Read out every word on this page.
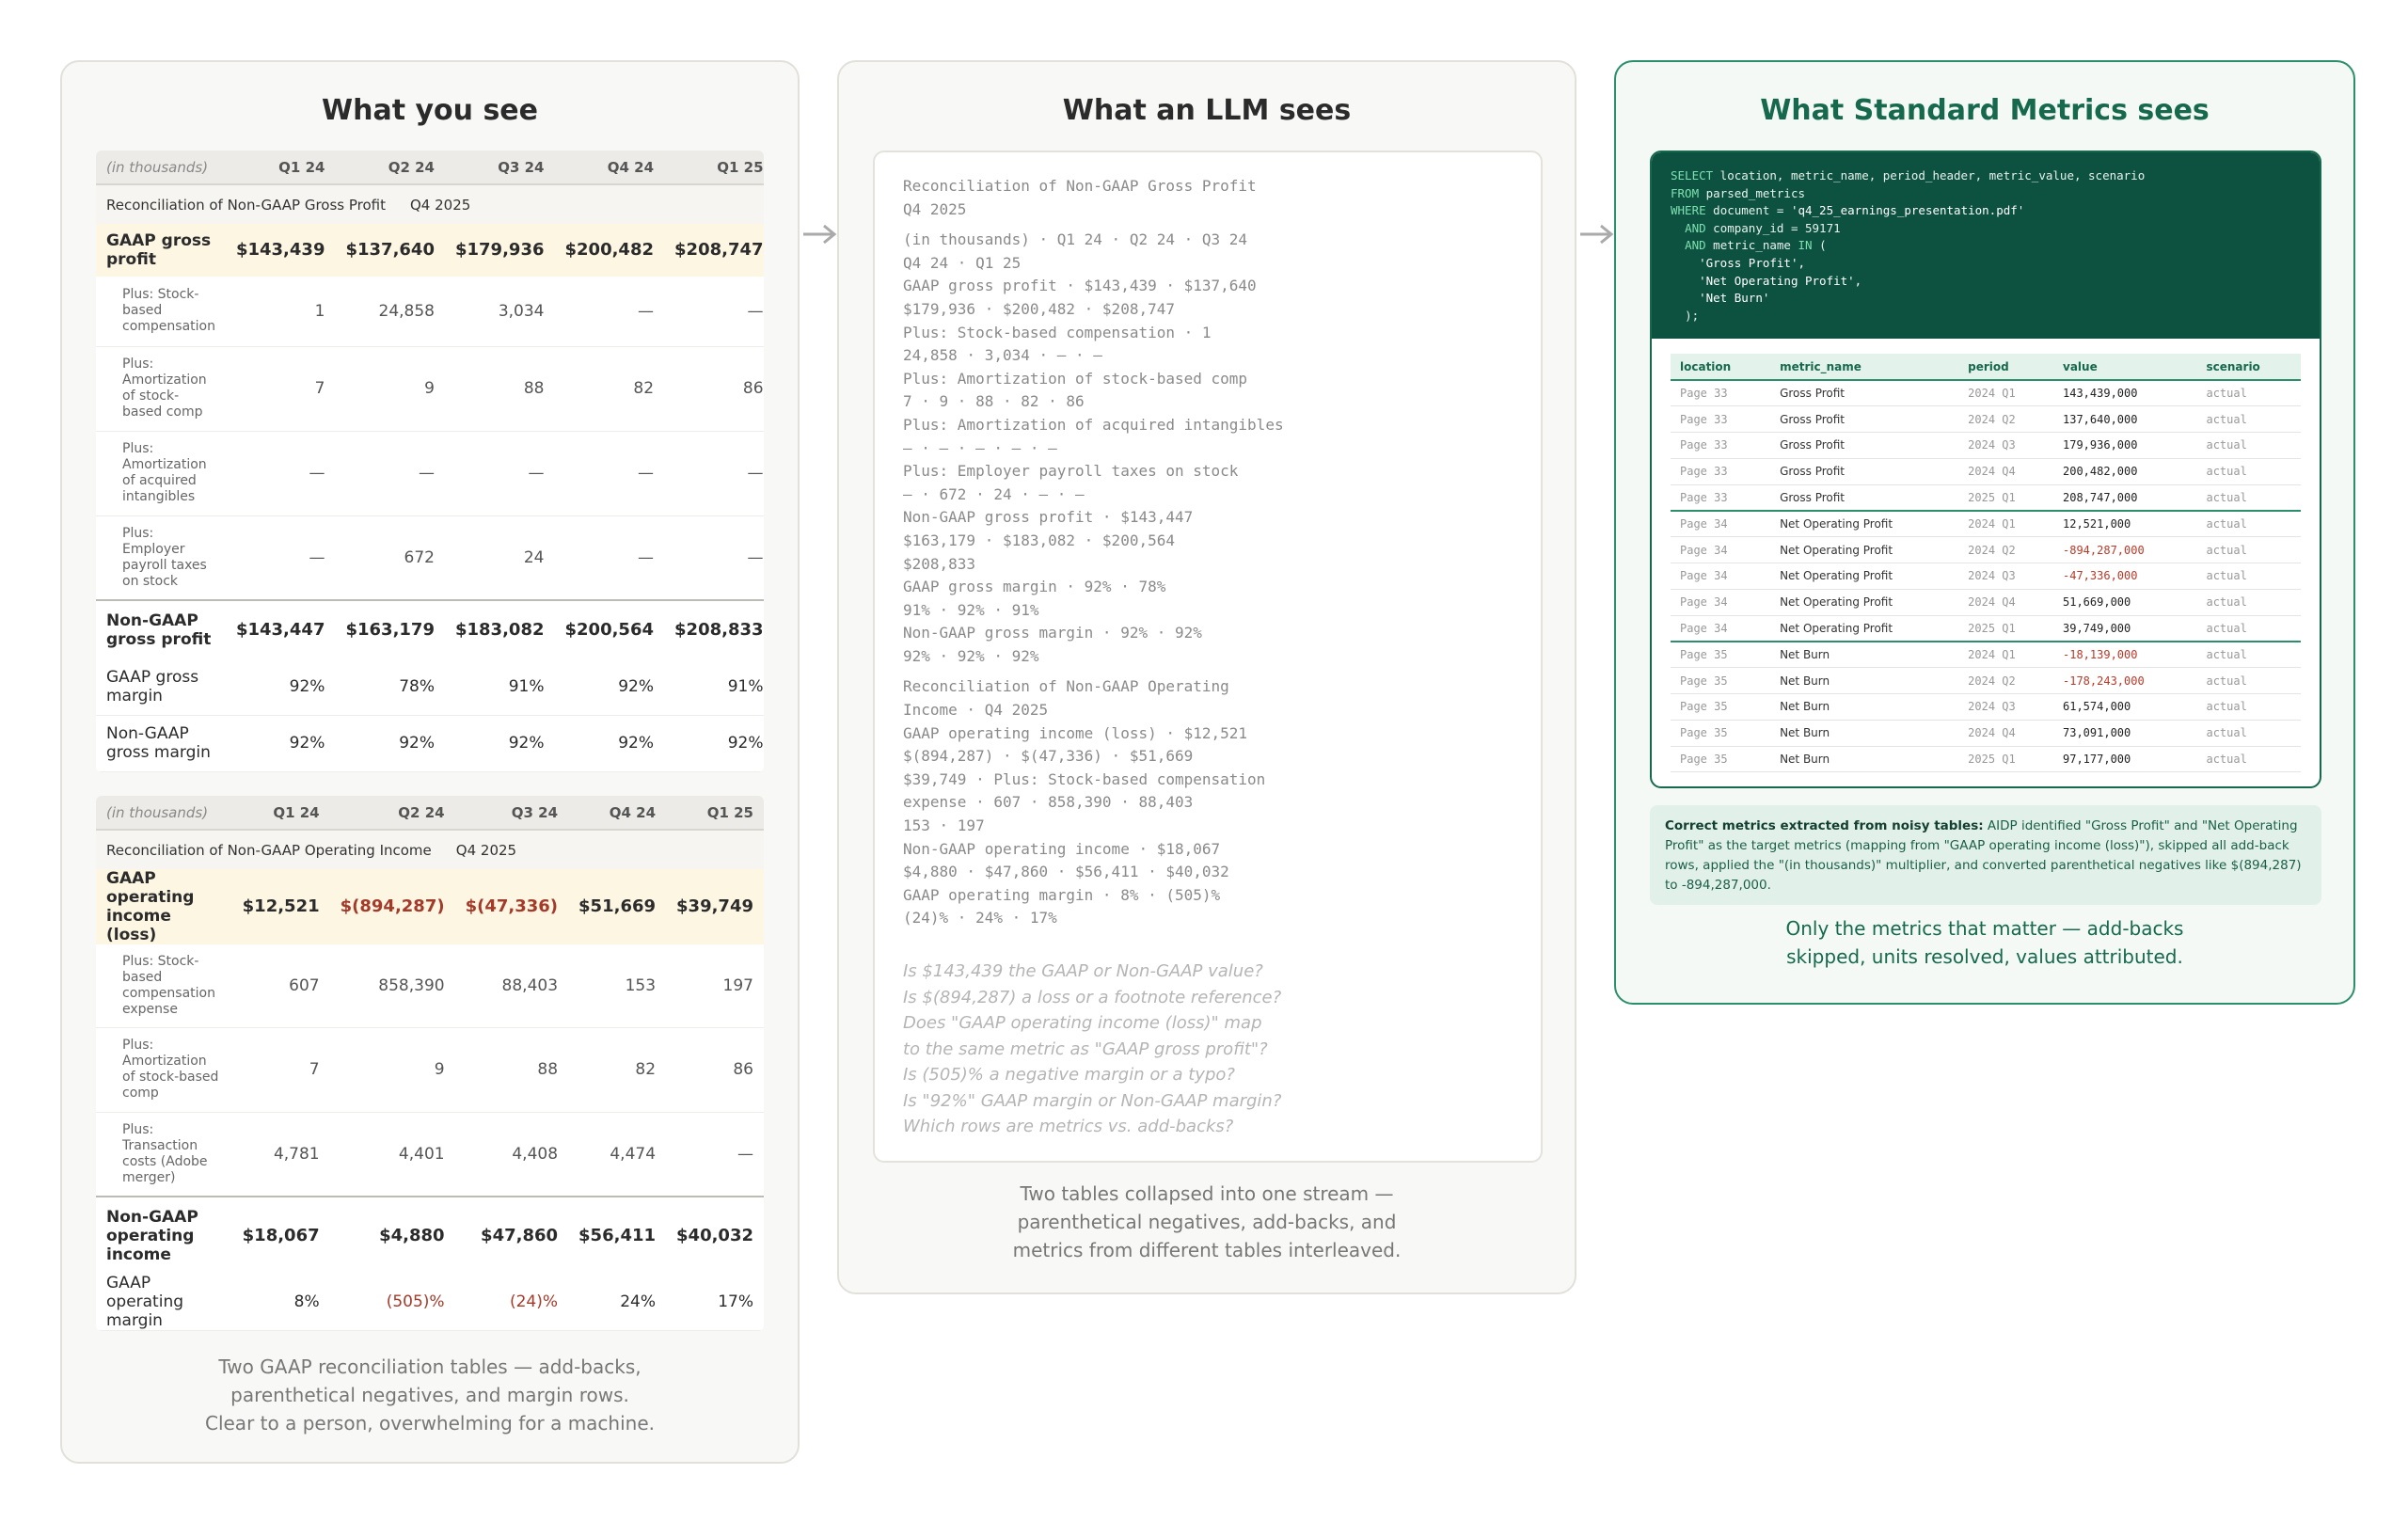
What you see
(in thousands)	Q1 24	Q2 24	Q3 24	Q4 24	Q1 25
Reconciliation of Non-GAAP Gross Profit Q4 2025					
GAAP gross profit	$143,439	$137,640	$179,936	$200,482	$208,747
Plus: Stock-based compensation	1	24,858	3,034	—	—
Plus: Amortization of stock-based comp	7	9	88	82	86
Plus: Amortization of acquired intangibles	—	—	—	—	—
Plus: Employer payroll taxes on stock	—	672	24	—	—
Non-GAAP gross profit	$143,447	$163,179	$183,082	$200,564	$208,833
GAAP gross margin	92%	78%	91%	92%	91%
Non-GAAP gross margin	92%	92%	92%	92%	92%
(in thousands)	Q1 24	Q2 24	Q3 24	Q4 24	Q1 25
Reconciliation of Non-GAAP Operating Income Q4 2025					
GAAP operating income (loss)	$12,521	$(894,287)	$(47,336)	$51,669	$39,749
Plus: Stock-based compensation expense	607	858,390	88,403	153	197
Plus: Amortization of stock-based comp	7	9	88	82	86
Plus: Transaction costs (Adobe merger)	4,781	4,401	4,408	4,474	—
Non-GAAP operating income	$18,067	$4,880	$47,860	$56,411	$40,032
GAAP operating margin	8%	(505)%	(24)%	24%	17%
Two GAAP reconciliation tables — add-backs,
parenthetical negatives, and margin rows.
Clear to a person, overwhelming for a machine.
What an LLM sees
Reconciliation of Non-GAAP Gross Profit
Q4 2025
(in thousands) · Q1 24 · Q2 24 · Q3 24
Q4 24 · Q1 25
GAAP gross profit · $143,439 · $137,640
$179,936 · $200,482 · $208,747
Plus: Stock-based compensation · 1
24,858 · 3,034 · — · —
Plus: Amortization of stock-based comp
7 · 9 · 88 · 82 · 86
Plus: Amortization of acquired intangibles
— · — · — · — · —
Plus: Employer payroll taxes on stock
— · 672 · 24 · — · —
Non-GAAP gross profit · $143,447
$163,179 · $183,082 · $200,564
$208,833
GAAP gross margin · 92% · 78%
91% · 92% · 91%
Non-GAAP gross margin · 92% · 92%
92% · 92% · 92%
Reconciliation of Non-GAAP Operating
Income · Q4 2025
GAAP operating income (loss) · $12,521
$(894,287) · $(47,336) · $51,669
$39,749 · Plus: Stock-based compensation
expense · 607 · 858,390 · 88,403
153 · 197
Non-GAAP operating income · $18,067
$4,880 · $47,860 · $56,411 · $40,032
GAAP operating margin · 8% · (505)%
(24)% · 24% · 17%
Is $143,439 the GAAP or Non-GAAP value?
Is $(894,287) a loss or a footnote reference?
Does "GAAP operating income (loss)" map
to the same metric as "GAAP gross profit"?
Is (505)% a negative margin or a typo?
Is "92%" GAAP margin or Non-GAAP margin?
Which rows are metrics vs. add-backs?
Two tables collapsed into one stream —
parenthetical negatives, add-backs, and
metrics from different tables interleaved.
What Standard Metrics sees
SELECT location, metric_name, period_header, metric_value, scenario
FROM parsed_metrics
WHERE document = 'q4_25_earnings_presentation.pdf'
AND company_id = 59171
AND metric_name IN (
'Gross Profit',
'Net Operating Profit',
'Net Burn'
);
location	metric_name	period	value	scenario
Page 33	Gross Profit	2024 Q1	143,439,000	actual
Page 33	Gross Profit	2024 Q2	137,640,000	actual
Page 33	Gross Profit	2024 Q3	179,936,000	actual
Page 33	Gross Profit	2024 Q4	200,482,000	actual
Page 33	Gross Profit	2025 Q1	208,747,000	actual
Page 34	Net Operating Profit	2024 Q1	12,521,000	actual
Page 34	Net Operating Profit	2024 Q2	-894,287,000	actual
Page 34	Net Operating Profit	2024 Q3	-47,336,000	actual
Page 34	Net Operating Profit	2024 Q4	51,669,000	actual
Page 34	Net Operating Profit	2025 Q1	39,749,000	actual
Page 35	Net Burn	2024 Q1	-18,139,000	actual
Page 35	Net Burn	2024 Q2	-178,243,000	actual
Page 35	Net Burn	2024 Q3	61,574,000	actual
Page 35	Net Burn	2024 Q4	73,091,000	actual
Page 35	Net Burn	2025 Q1	97,177,000	actual
Correct metrics extracted from noisy tables: AIDP identified "Gross Profit" and "Net Operating Profit" as the target metrics (mapping from "GAAP operating income (loss)"), skipped all add-back rows, applied the "(in thousands)" multiplier, and converted parenthetical negatives like $(894,287) to -894,287,000.
Only the metrics that matter — add-backs
skipped, units resolved, values attributed.
